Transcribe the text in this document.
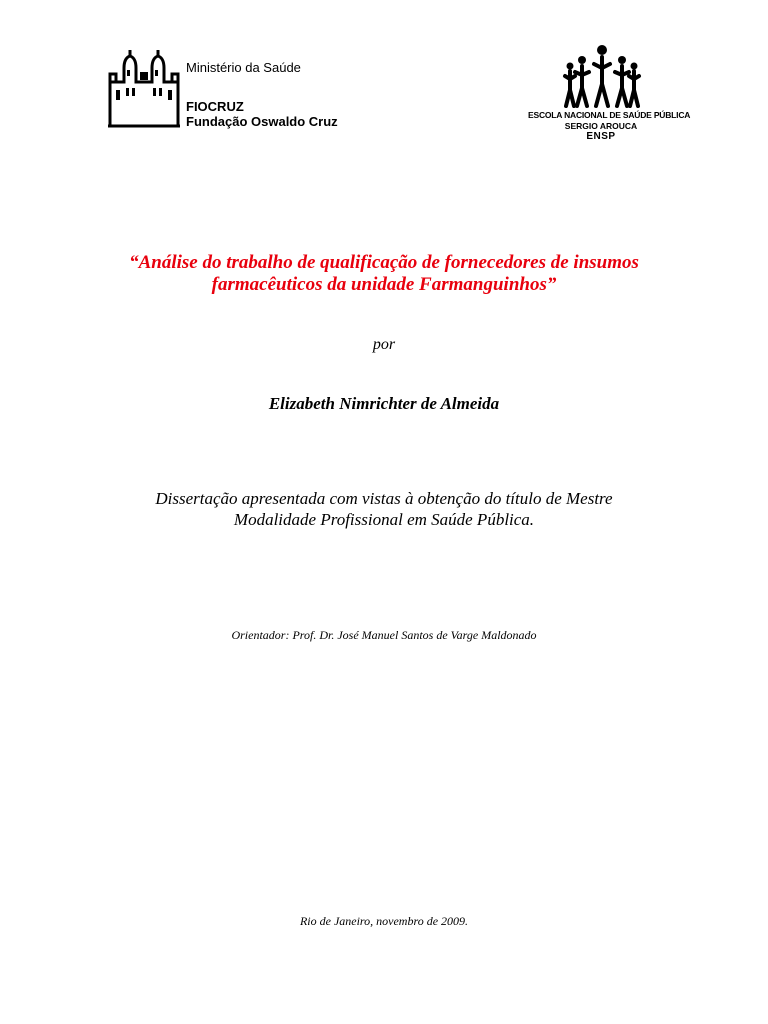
Ministério da Saúde
FIOCRUZ
Fundação Oswaldo Cruz	ESCOLA NACIONAL DE SAÚDE PÚBLICA
SERGIO AROUCA
ENSP
“Análise do trabalho de qualificação de fornecedores de insumos
farmacêuticos da unidade Farmanguinhos”
por
Elizabeth Nimrichter de Almeida
Dissertação apresentada com vistas à obtenção do título de Mestre
Modalidade Profissional em Saúde Pública.
Orientador: Prof. Dr. José Manuel Santos de Varge Maldonado
Rio de Janeiro, novembro de 2009.
